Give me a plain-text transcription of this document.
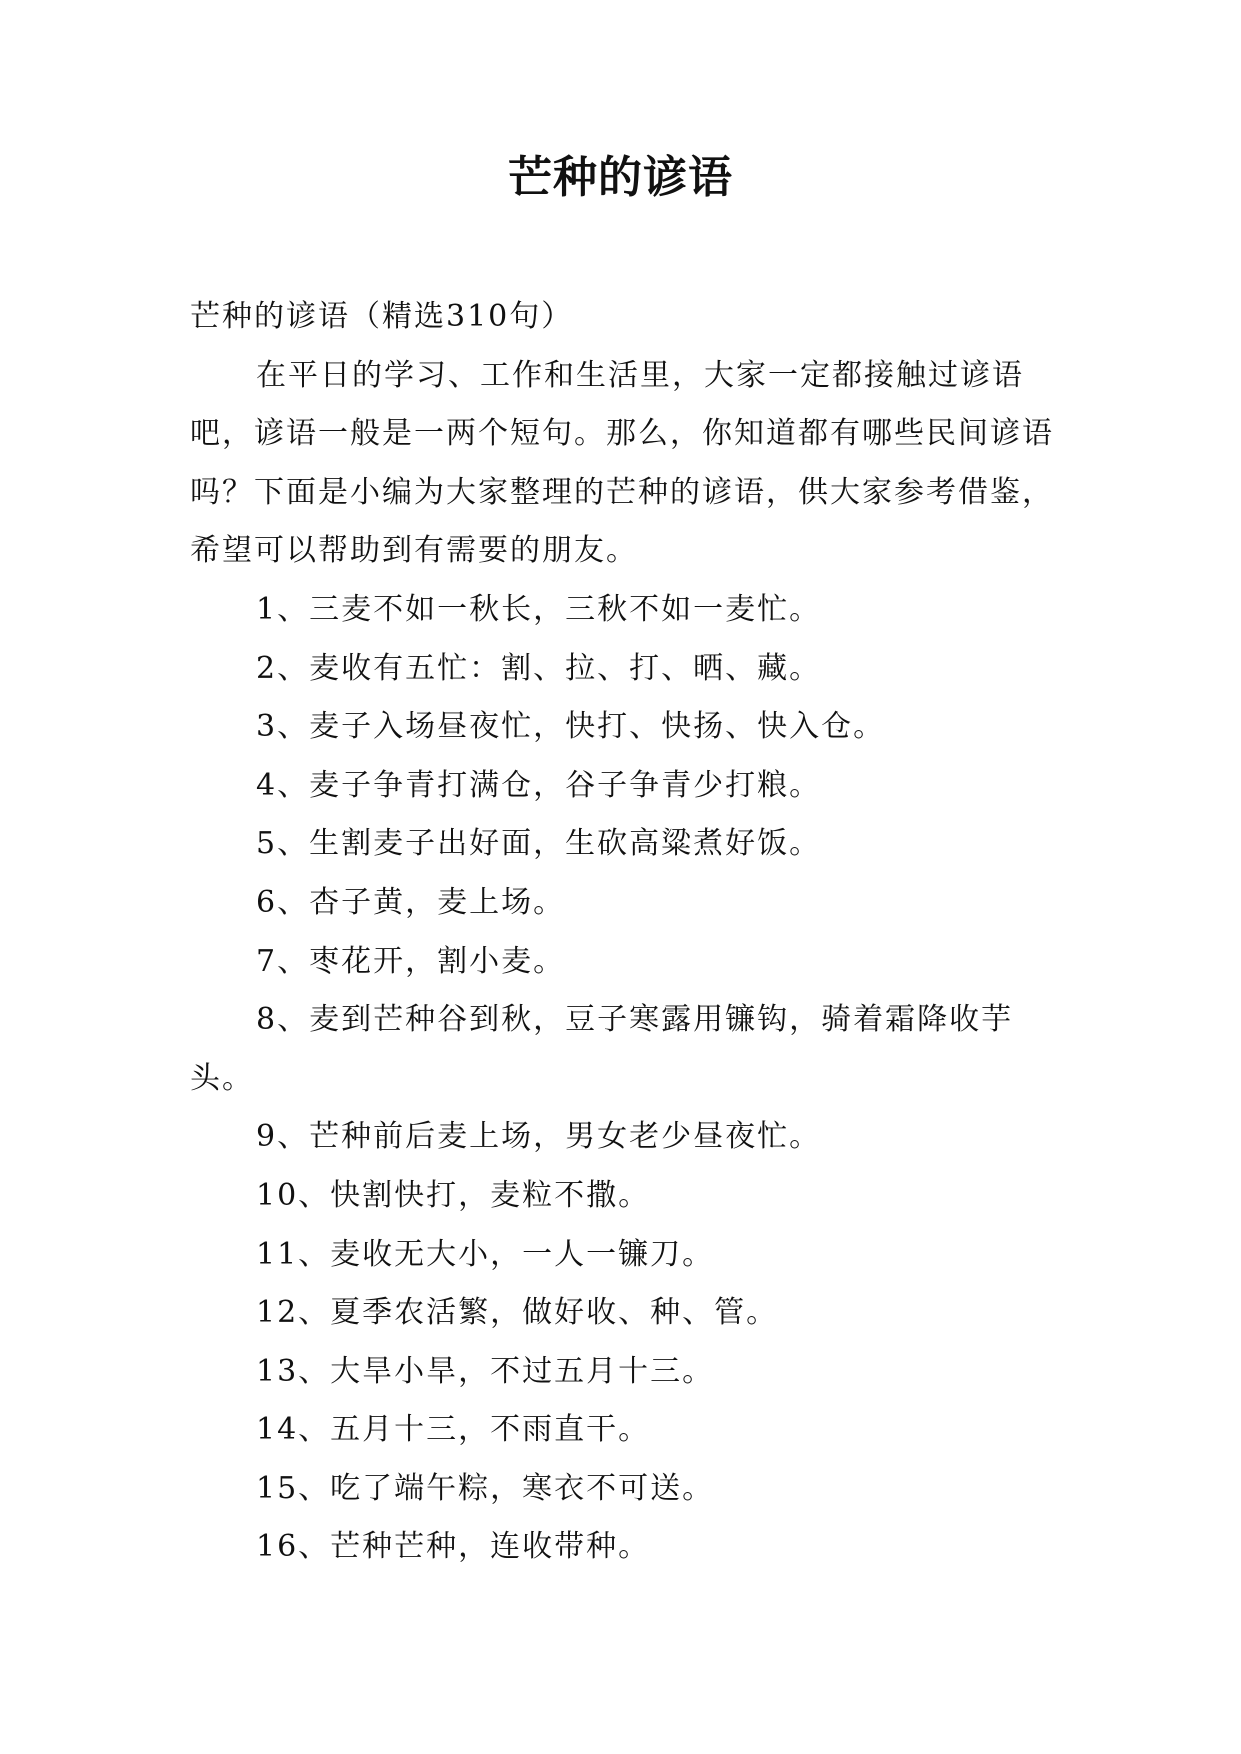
芒种的谚语

芒种的谚语（精选310句）

在平日的学习、工作和生活里，大家一定都接触过谚语吧，谚语一般是一两个短句。那么，你知道都有哪些民间谚语吗？下面是小编为大家整理的芒种的谚语，供大家参考借鉴，希望可以帮助到有需要的朋友。

1、三麦不如一秋长，三秋不如一麦忙。

2、麦收有五忙：割、拉、打、晒、藏。

3、麦子入场昼夜忙，快打、快扬、快入仓。

4、麦子争青打满仓，谷子争青少打粮。

5、生割麦子出好面，生砍高粱煮好饭。

6、杏子黄，麦上场。

7、枣花开，割小麦。

8、麦到芒种谷到秋，豆子寒露用镰钩，骑着霜降收芋头。

9、芒种前后麦上场，男女老少昼夜忙。

10、快割快打，麦粒不撒。

11、麦收无大小，一人一镰刀。

12、夏季农活繁，做好收、种、管。

13、大旱小旱，不过五月十三。

14、五月十三，不雨直干。

15、吃了端午粽，寒衣不可送。

16、芒种芒种，连收带种。
